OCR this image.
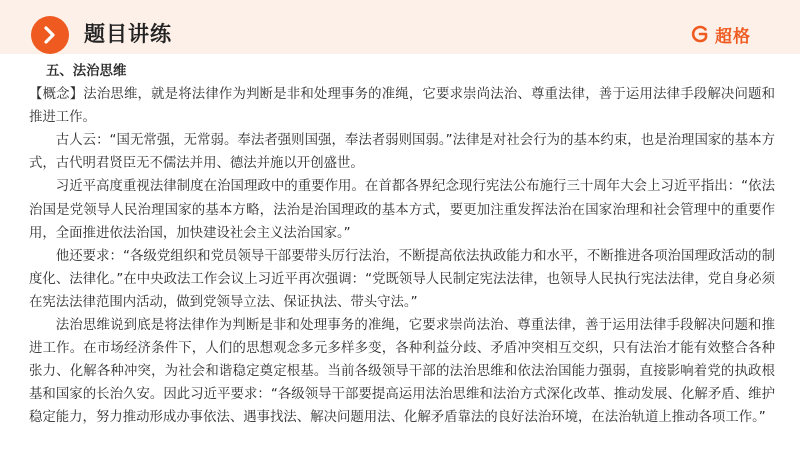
题目讲练	超格

五、法治思维

【概念】法治思维，就是将法律作为判断是非和处理事务的准绳，它要求崇尚法治、尊重法律，善于运用法律手段解决问题和推进工作。

古人云：“国无常强，无常弱。奉法者强则国强，奉法者弱则国弱。”法律是对社会行为的基本约束，也是治理国家的基本方式，古代明君贤臣无不儒法并用、德法并施以开创盛世。

习近平高度重视法律制度在治国理政中的重要作用。在首都各界纪念现行宪法公布施行三十周年大会上习近平指出：“依法治国是党领导人民治理国家的基本方略，法治是治国理政的基本方式，要更加注重发挥法治在国家治理和社会管理中的重要作用，全面推进依法治国，加快建设社会主义法治国家。”

他还要求：“各级党组织和党员领导干部要带头厉行法治，不断提高依法执政能力和水平，不断推进各项治国理政活动的制度化、法律化。”在中央政法工作会议上习近平再次强调：“党既领导人民制定宪法法律，也领导人民执行宪法法律，党自身必须在宪法法律范围内活动，做到党领导立法、保证执法、带头守法。”

法治思维说到底是将法律作为判断是非和处理事务的准绳，它要求崇尚法治、尊重法律，善于运用法律手段解决问题和推进工作。在市场经济条件下，人们的思想观念多元多样多变，各种利益分歧、矛盾冲突相互交织，只有法治才能有效整合各种张力、化解各种冲突，为社会和谐稳定奠定根基。当前各级领导干部的法治思维和依法治国能力强弱，直接影响着党的执政根基和国家的长治久安。因此习近平要求：“各级领导干部要提高运用法治思维和法治方式深化改革、推动发展、化解矛盾、维护稳定能力，努力推动形成办事依法、遇事找法、解决问题用法、化解矛盾靠法的良好法治环境，在法治轨道上推动各项工作。”
